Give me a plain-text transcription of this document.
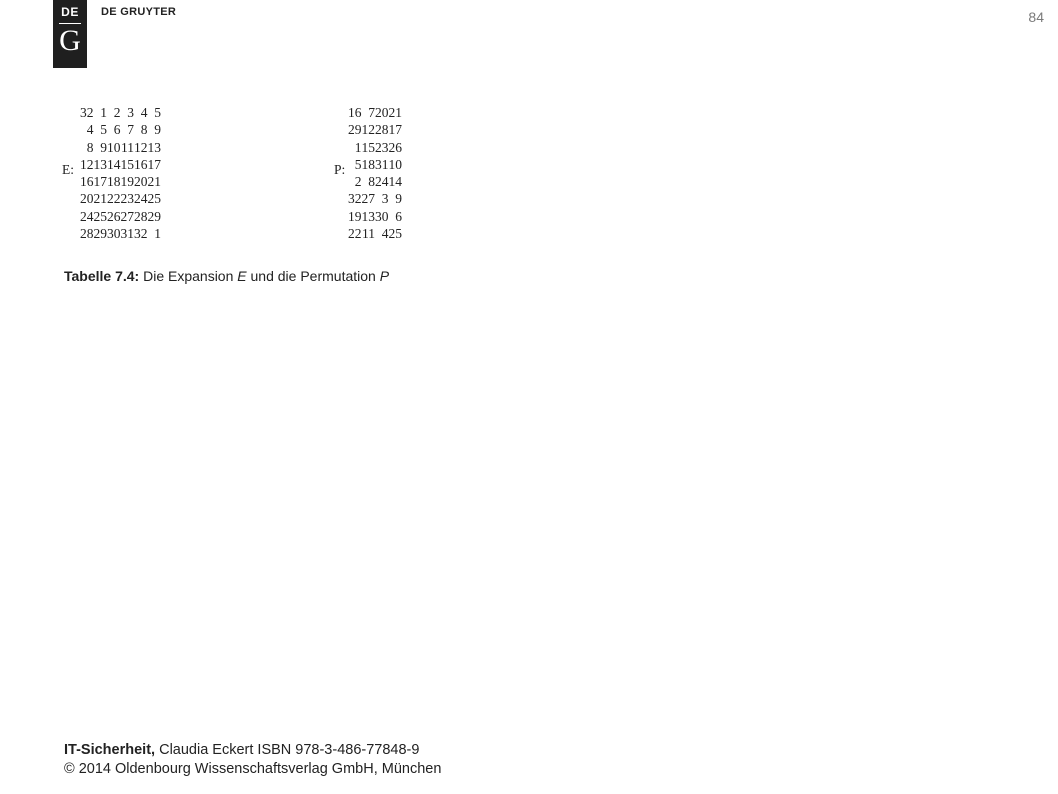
DE
G
DE GRUYTER	84
E:
32	1	2	3	4	5
4	5	6	7	8	9
8	9	10	11	12	13
12	13	14	15	16	17
16	17	18	19	20	21
20	21	22	23	24	25
24	25	26	27	28	29
28	29	30	31	32	1
P:
16	7	20	21
29	12	28	17
1	15	23	26
5	18	31	10
2	8	24	14
32	27	3	9
19	13	30	6
22	11	4	25
Tabelle 7.4: Die Expansion E und die Permutation P
IT-Sicherheit, Claudia Eckert ISBN 978-3-486-77848-9
© 2014 Oldenbourg Wissenschaftsverlag GmbH, München
